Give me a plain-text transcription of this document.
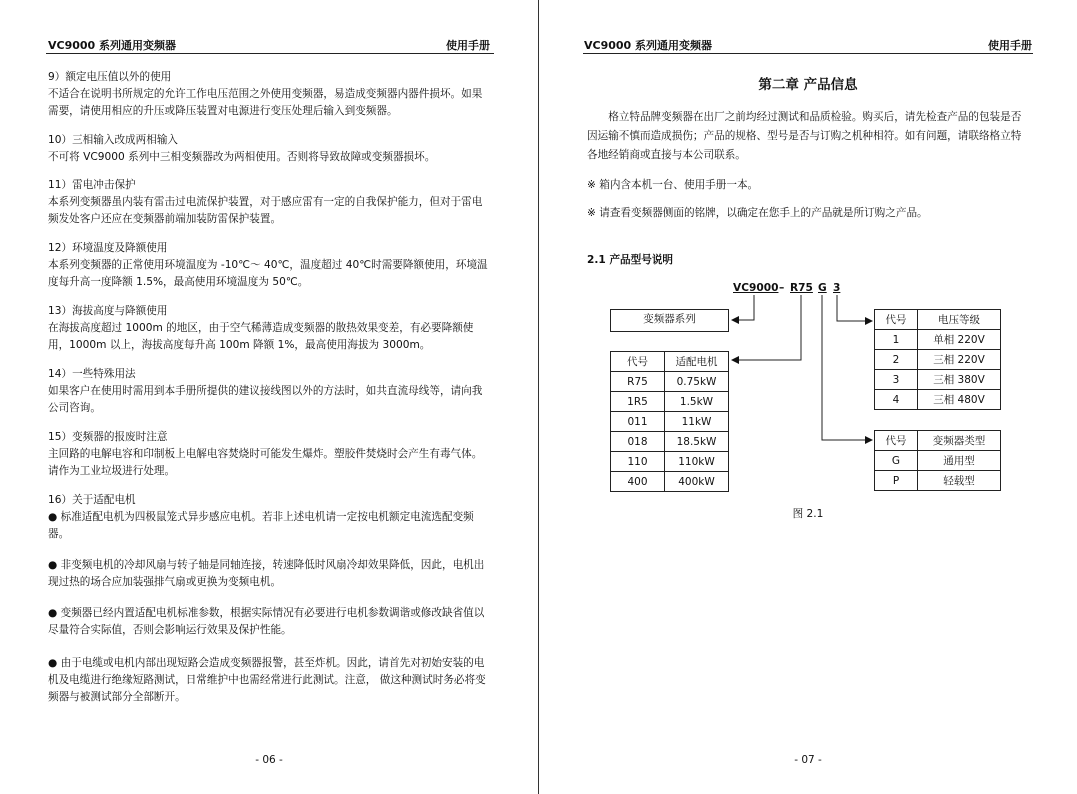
VC9000 系列通用变频器	使用手册

9）额定电压值以外的使用

不适合在说明书所规定的允许工作电压范围之外使用变频器，易造成变频器内器件损坏。如果需要，请使用相应的升压或降压装置对电源进行变压处理后输入到变频器。

10）三相输入改成两相输入

不可将 VC9000 系列中三相变频器改为两相使用。否则将导致故障或变频器损坏。

11）雷电冲击保护

本系列变频器虽内装有雷击过电流保护装置，对于感应雷有一定的自我保护能力，但对于雷电频发处客户还应在变频器前端加装防雷保护装置。

12）环境温度及降额使用

本系列变频器的正常使用环境温度为 -10℃～ 40℃，温度超过 40℃时需要降额使用，环境温度每升高一度降额 1.5%，最高使用环境温度为 50℃。

13）海拔高度与降额使用

在海拔高度超过 1000m 的地区，由于空气稀薄造成变频器的散热效果变差，有必要降额使用，1000m 以上，海拔高度每升高 100m 降额 1%，最高使用海拔为 3000m。

14）一些特殊用法

如果客户在使用时需用到本手册所提供的建议接线图以外的方法时，如共直流母线等，请向我公司咨询。

15）变频器的报废时注意

主回路的电解电容和印制板上电解电容焚烧时可能发生爆炸。塑胶件焚烧时会产生有毒气体。请作为工业垃圾进行处理。

16）关于适配电机

● 标准适配电机为四极鼠笼式异步感应电机。若非上述电机请一定按电机额定电流选配变频器。

● 非变频电机的冷却风扇与转子轴是同轴连接，转速降低时风扇冷却效果降低，因此，电机出现过热的场合应加装强排气扇或更换为变频电机。

● 变频器已经内置适配电机标准参数，根据实际情况有必要进行电机参数调谐或修改缺省值以尽量符合实际值，否则会影响运行效果及保护性能。

● 由于电缆或电机内部出现短路会造成变频器报警，甚至炸机。因此，请首先对初始安装的电机及电缆进行绝缘短路测试，日常维护中也需经常进行此测试。注意， 做这种测试时务必将变频器与被测试部分全部断开。

- 06 -
VC9000 系列通用变频器	使用手册
第二章 产品信息
格立特品牌变频器在出厂之前均经过测试和品质检验。购买后，请先检查产品的包装是否因运输不慎而造成损伤；产品的规格、型号是否与订购之机种相符。如有问题，请联络格立特各地经销商或直接与本公司联系。
※ 箱内含本机一台、使用手册一本。
※ 请查看变频器侧面的铭牌，以确定在您手上的产品就是所订购之产品。
2.1 产品型号说明
VC9000 – R75 G 3
变频器系列
代号	适配电机
R75	0.75kW
1R5	1.5kW
011	11kW
018	18.5kW
110	110kW
400	400kW
代号	电压等级
1	单相 220V
2	三相 220V
3	三相 380V
4	三相 480V
代号	变频器类型
G	通用型
P	轻载型
图 2.1
- 07 -
